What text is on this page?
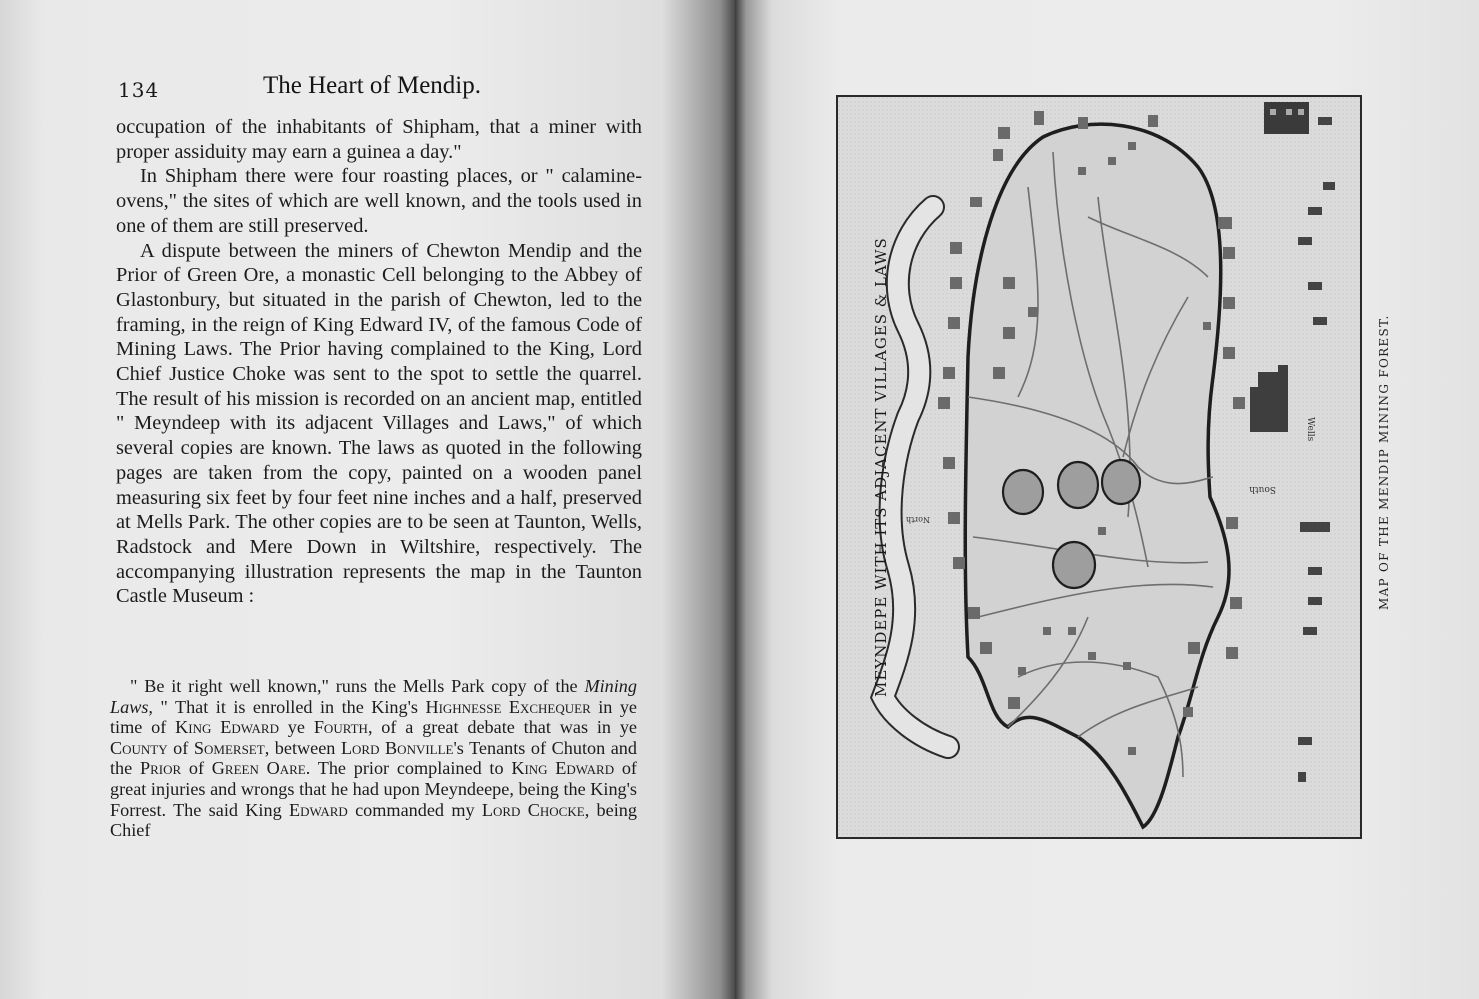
134	The Heart of Mendip.

occupation of the inhabitants of Shipham, that a miner with proper assiduity may earn a guinea a day."

In Shipham there were four roasting places, or " calamine-ovens," the sites of which are well known, and the tools used in one of them are still preserved.

A dispute between the miners of Chewton Mendip and the Prior of Green Ore, a monastic Cell belonging to the Abbey of Glastonbury, but situated in the parish of Chewton, led to the framing, in the reign of King Edward IV, of the famous Code of Mining Laws. The Prior having complained to the King, Lord Chief Justice Choke was sent to the spot to settle the quarrel. The result of his mission is recorded on an ancient map, entitled " Meyndeep with its adjacent Villages and Laws," of which several copies are known. The laws as quoted in the following pages are taken from the copy, painted on a wooden panel measuring six feet by four feet nine inches and a half, preserved at Mells Park. The other copies are to be seen at Taunton, Wells, Radstock and Mere Down in Wiltshire, respectively. The accompanying illustration represents the map in the Taunton Castle Museum :

" Be it right well known," runs the Mells Park copy of the Mining Laws, " That it is enrolled in the King's Highnesse Exchequer in ye time of King Edward ye Fourth, of a great debate that was in ye County of Somerset, between Lord Bonville's Tenants of Chuton and the Prior of Green Oare. The prior complained to King Edward of great injuries and wrongs that he had upon Meyndeepe, being the King's Forrest. The said King Edward commanded my Lord Chocke, being Chief

Wells
South
North
MEYNDEPE WITH ITS ADJACENT VILLAGES & LAWS	MAP OF THE MENDIP MINING FOREST.
